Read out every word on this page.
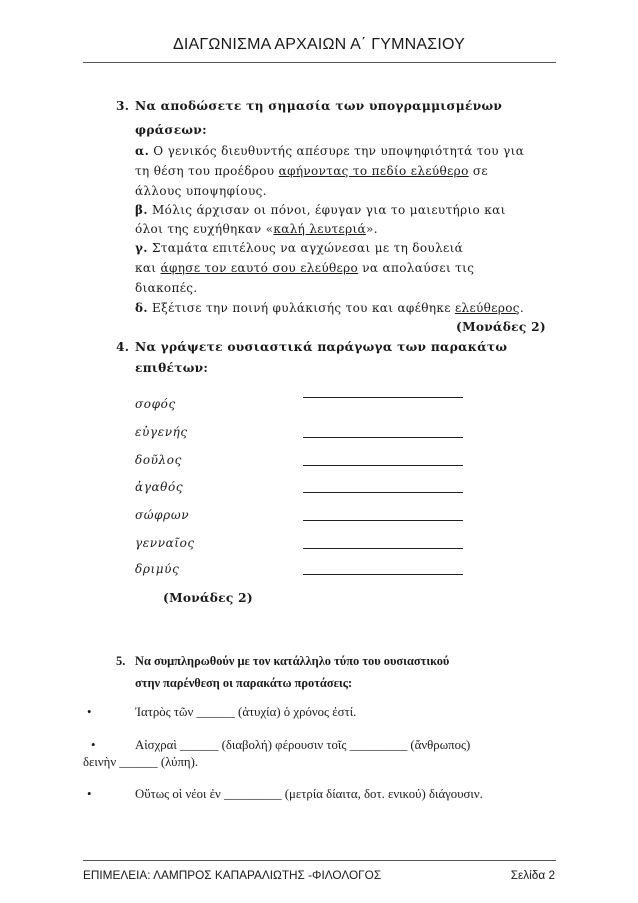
ΔΙΑΓΩΝΙΣΜΑ ΑΡΧΑΙΩΝ Α΄ ΓΥΜΝΑΣΙΟΥ
3. Να αποδώσετε τη σημασία των υπογραμμισμένων
φράσεων:
α. Ο γενικός διευθυντής απέσυρε την υποψηφιότητά του για
τη θέση του προέδρου αφήνοντας το πεδίο ελεύθερο σε
άλλους υποψηφίους.
β. Μόλις άρχισαν οι πόνοι, έφυγαν για το μαιευτήριο και
όλοι της ευχήθηκαν «καλή λευτεριά».
γ. Σταμάτα επιτέλους να αγχώνεσαι με τη δουλειά
και άφησε τον εαυτό σου ελεύθερο να απολαύσει τις
διακοπές.
δ. Εξέτισε την ποινή φυλάκισής του και αφέθηκε ελεύθερος.
(Μονάδες 2)
4. Να γράψετε ουσιαστικά παράγωγα των παρακάτω
επιθέτων:
σοφός
εὐγενής
δοῦλος
ἀγαθός
σώφρων
γενναῖος
δριμύς
(Μονάδες 2)
5. Να συμπληρωθούν με τον κατάλληλο τύπο του ουσιαστικού
στην παρένθεση οι παρακάτω προτάσεις:
•	Ἰατρὸς τῶν ______ (ἀτυχία) ὁ χρόνος ἐστί.
•	Αἰσχραὶ ______ (διαβολή) φέρουσιν τοῖς _________ (ἄνθρωπος)
δεινὴν ______ (λύπη).
•	Οὕτως οἱ νέοι ἐν _________ (μετρία δίαιτα, δοτ. ενικού) διάγουσιν.
ΕΠΙΜΕΛΕΙΑ: ΛΑΜΠΡΟΣ ΚΑΠΑΡΑΛΙΩΤΗΣ -ΦΙΛΟΛΟΓΟΣ	Σελίδα 2
